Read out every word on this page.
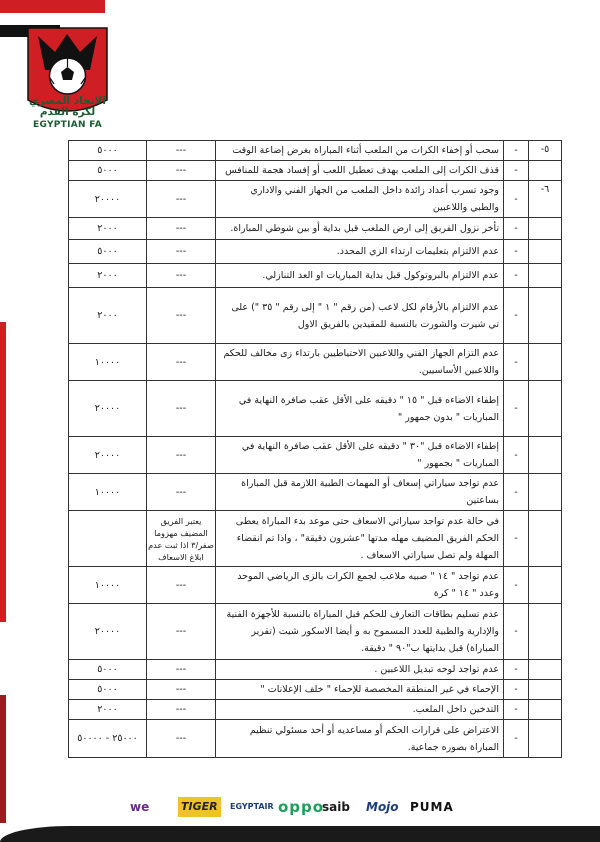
الاتحاد المصري لكرة القدم
EGYPTIAN FA
٥٠٠٠	---	سحب أو إخفاء الكرات من الملعب أثناء المباراة بغرض إضاعة الوقت	-	-٥
٥٠٠٠	---	قذف الكرات إلى الملعب بهدف تعطيل اللعب أو إفساد هجمة للمنافس	-	
٢٠٠٠٠	---	وجود تسرب أعداد زائدة داخل الملعب من الجهاز الفني والاداري والطبي واللاعبين	-	-٦
٢٠٠٠	---	تأخر نزول الفريق إلى ارض الملعب قبل بداية أو بين شوطي المباراة.	-	
٥٠٠٠	---	عدم الالتزام بتعليمات ارتداء الزي المحدد.	-	
٢٠٠٠	---	عدم الالتزام بالبروتوكول قبل بداية المباريات او العد التنازلي.	-	
٢٠٠٠	---	عدم الالتزام بالأرقام لكل لاعب (من رقم " ١ " إلى رقم " ٣٥ ") على تي شيرت والشورت بالنسبة للمقيدين بالفريق الاول	-	
١٠٠٠٠	---	عدم التزام الجهاز الفني واللاعبين الاحتياطيين بارتداء زى مخالف للحكم واللاعبين الأساسيين.	-	
٢٠٠٠٠	---	إطفاء الاضاءه قبل " ١٥ " دقيقه على الأقل عقب صافرة النهاية في المباريات " بدون جمهور "	-	
٢٠٠٠٠	---	إطفاء الاضاءه قبل "٣٠ " دقيقه على الأقل عقب صافرة النهاية في المباريات " بجمهور "	-	
١٠٠٠٠	---	عدم تواجد سياراتي إسعاف أو المهمات الطبية اللازمة قبل المباراة بساعتين	-	

	يعتبر الفريق المضيف مهزوما صفر/٣ اذا ثبت عدم ابلاغ الاسعاف	في حالة عدم تواجد سياراتي الاسعاف حتى موعد بدء المباراة يعطى الحكم الفريق المضيف مهله مدتها "عشرون دقيقة" ، واذا تم انقضاء المهلة ولم تصل سياراتي الاسعاف .	-	
١٠٠٠٠	---	عدم تواجد " ١٤ " صبيه ملاعب لجمع الكرات بالزى الرياضي الموحد وعدد " ١٤ " كرة	-	
٢٠٠٠٠	---	عدم تسليم بطاقات التعارف للحكم قبل المباراة بالنسبة للأجهزة الفنية والإدارية والطبية للعدد المسموح به و أيضا الاسكور شيت (تقرير المباراة) قبل بدايتها ب"٩٠ " دقيقة.	-	
٥٠٠٠	---	عدم تواجد لوحه تبديل اللاعبين .	-	
٥٠٠٠	---	الإحماء في غير المنطقة المخصصة للإحماء " خلف الإعلانات "	-	
٢٠٠٠	---	التدخين داخل الملعب.	-	
٢٥٠٠٠ - ٥٠٠٠٠	---	الاعتراض على قرارات الحكم أو مساعديه أو أحد مسئولي تنظيم المباراة بصوره جماعية.	-	
we	TIGER	EGYPTAIR oppo
saib Mojo PUMA
